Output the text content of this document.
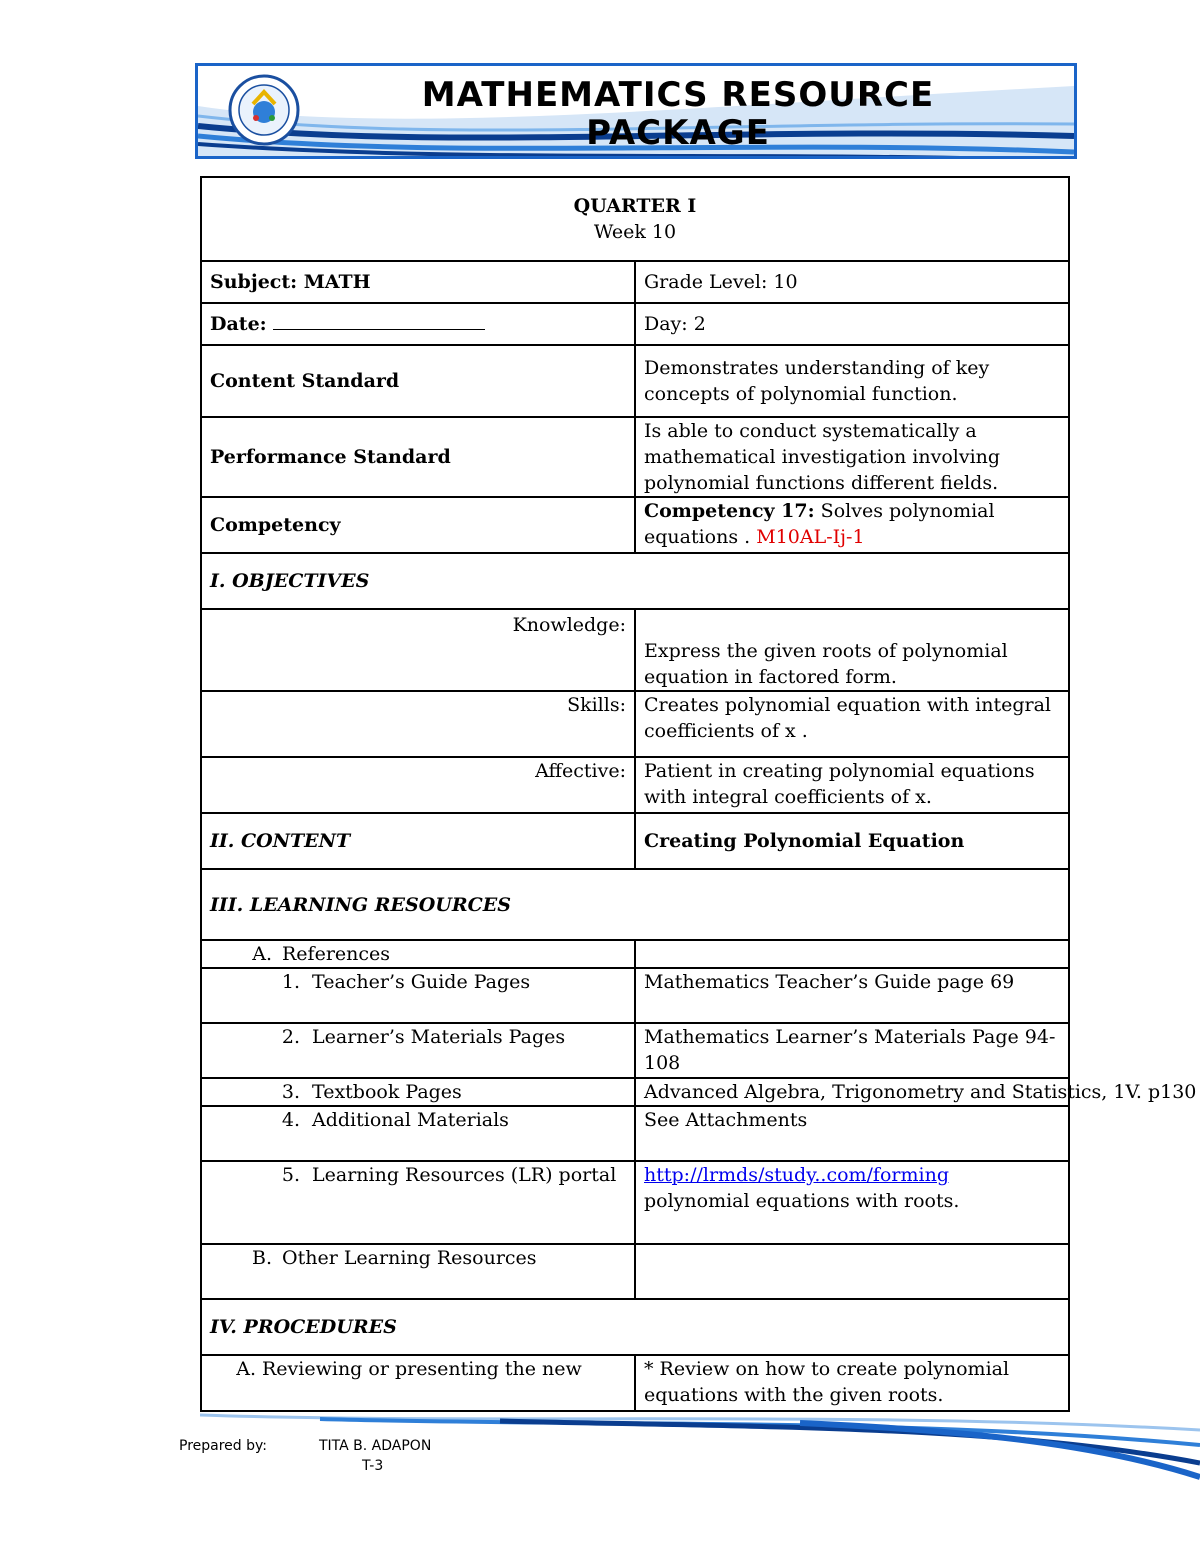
MATHEMATICS RESOURCE
PACKAGE
QUARTER I
Week 10	

Subject: MATH	Grade Level: 10
Date:	Day: 2
Content Standard	Demonstrates understanding of key concepts of polynomial function.
Performance Standard	Is able to conduct systematically a mathematical investigation involving polynomial functions different fields.
Competency	Competency 17: Solves polynomial equations . M10AL-Ij-1
I. OBJECTIVES	
Knowledge:	Express the given roots of polynomial equation in factored form.
Skills:	Creates polynomial equation with integral coefficients of x .
Affective:	Patient in creating polynomial equations with integral coefficients of x.
II. CONTENT	Creating Polynomial Equation
III. LEARNING RESOURCES	

A. References	

1. Teacher’s Guide Pages	Mathematics Teacher’s Guide page 69

2. Learner’s Materials Pages	Mathematics Learner’s Materials Page 94-108

3. Textbook Pages	Advanced Algebra, Trigonometry and Statistics, 1V. p130

4. Additional Materials	See Attachments

5. Learning Resources (LR) portal	http://lrmds/study..com/forming polynomial equations with roots.

B. Other Learning Resources	

IV. PROCEDURES	

A. Reviewing or presenting the new	* Review on how to create polynomial equations with the given roots.
Prepared by:	TITA B. ADAPON
T-3
